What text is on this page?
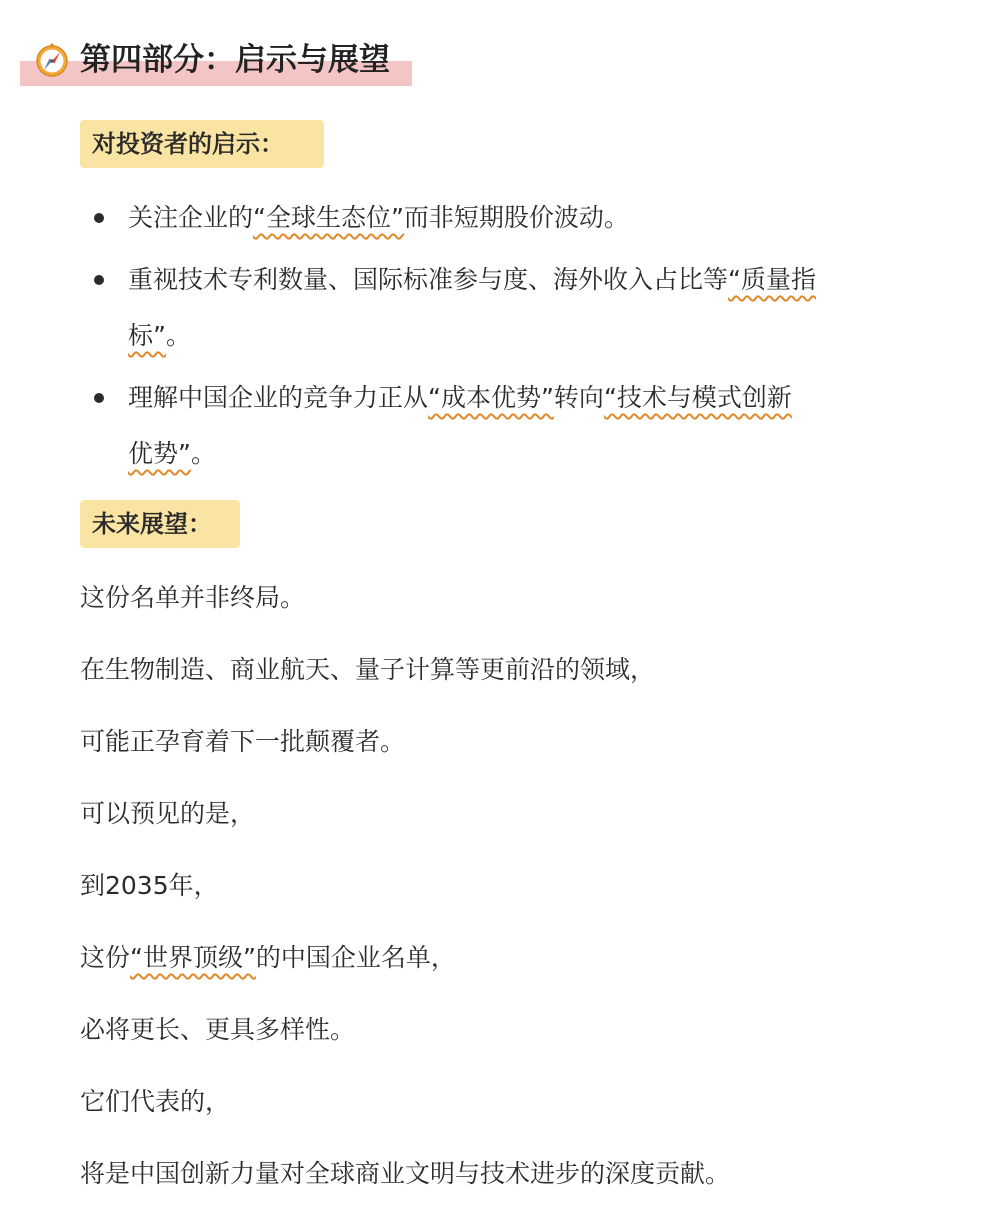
第四部分：启示与展望
对投资者的启示：
关注企业的“全球生态位”而非短期股价波动。
重视技术专利数量、国际标准参与度、海外收入占比等“质量指
标”。
理解中国企业的竞争力正从“成本优势”转向“技术与模式创新
优势”。
未来展望：
这份名单并非终局。
在生物制造、商业航天、量子计算等更前沿的领域，
可能正孕育着下一批颠覆者。
可以预见的是，
到2035年，
这份“世界顶级”的中国企业名单，
必将更长、更具多样性。
它们代表的，
将是中国创新力量对全球商业文明与技术进步的深度贡献。
